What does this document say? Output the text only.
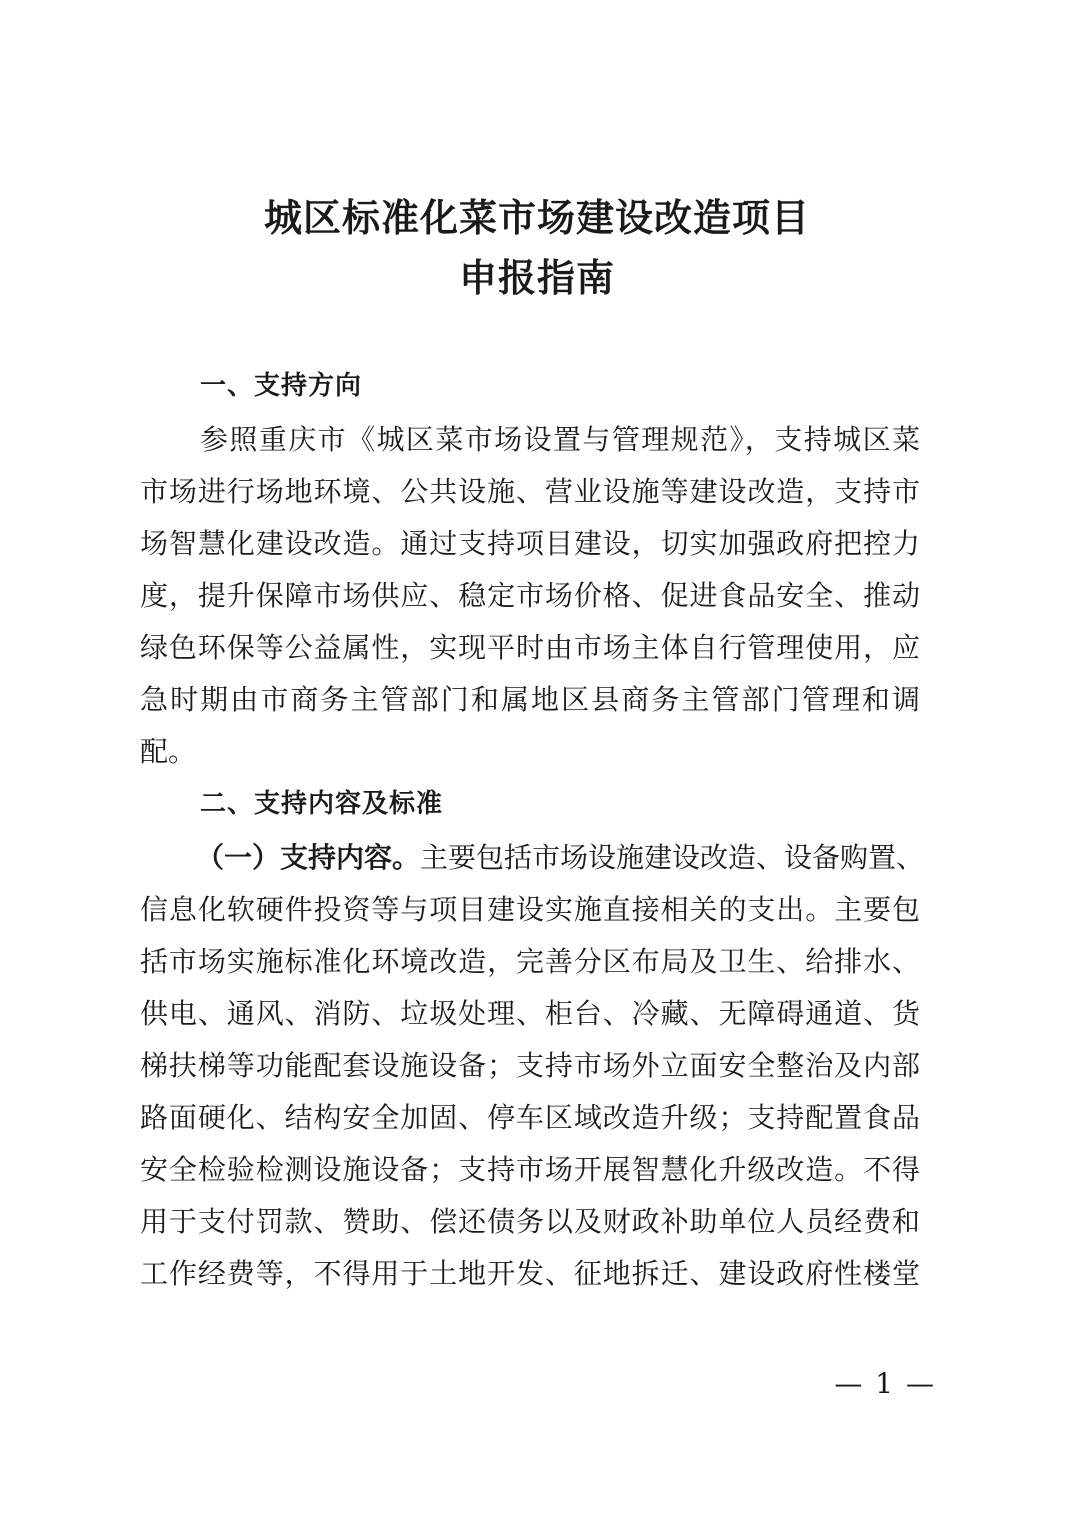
城区标准化菜市场建设改造项目
申报指南
一、支持方向
参照重庆市《城区菜市场设置与管理规范》，支持城区菜
市场进行场地环境、公共设施、营业设施等建设改造，支持市
场智慧化建设改造。通过支持项目建设，切实加强政府把控力
度，提升保障市场供应、稳定市场价格、促进食品安全、推动
绿色环保等公益属性，实现平时由市场主体自行管理使用，应
急时期由市商务主管部门和属地区县商务主管部门管理和调
配。
二、支持内容及标准
（一）支持内容。主要包括市场设施建设改造、设备购置、
信息化软硬件投资等与项目建设实施直接相关的支出。主要包
括市场实施标准化环境改造，完善分区布局及卫生、给排水、
供电、通风、消防、垃圾处理、柜台、冷藏、无障碍通道、货
梯扶梯等功能配套设施设备；支持市场外立面安全整治及内部
路面硬化、结构安全加固、停车区域改造升级；支持配置食品
安全检验检测设施设备；支持市场开展智慧化升级改造。不得
用于支付罚款、赞助、偿还债务以及财政补助单位人员经费和
工作经费等，不得用于土地开发、征地拆迁、建设政府性楼堂
— 1 —
